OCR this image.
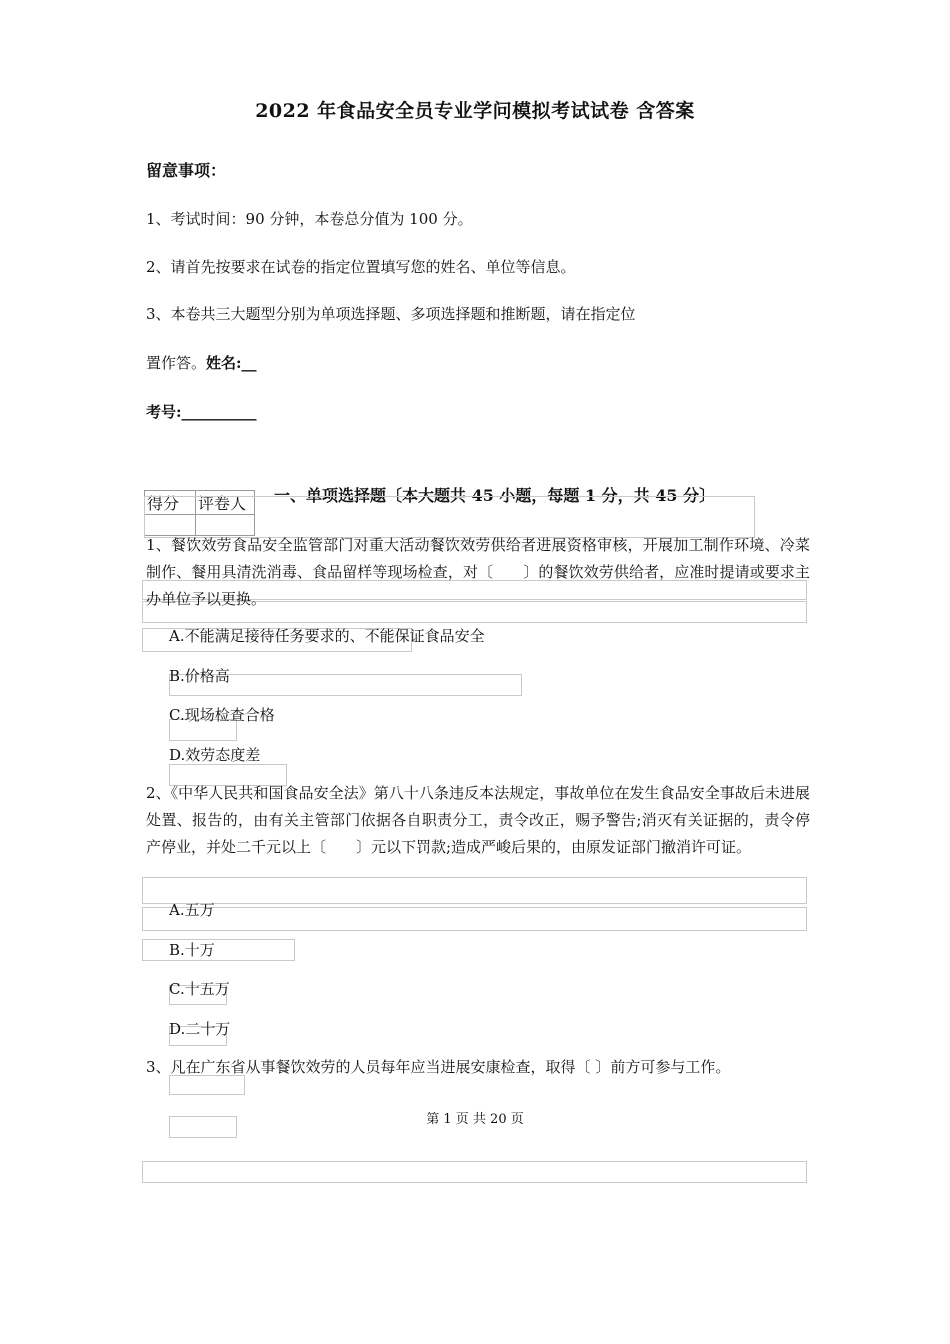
2022 年食品安全员专业学问模拟考试试卷 含答案
留意事项：
1、考试时间：90 分钟，本卷总分值为 100 分。
2、请首先按要求在试卷的指定位置填写您的姓名、单位等信息。
3、本卷共三大题型分别为单项选择题、多项选择题和推断题，请在指定位
置作答。姓名:__
考号:__________
得分	评卷人
	一、单项选择题〔本大题共 45 小题，每题 1 分，共 45 分〕
1、餐饮效劳食品安全监管部门对重大活动餐饮效劳供给者进展资格审核，开展加工制作环境、冷菜制作、餐用具清洗消毒、食品留样等现场检查，对〔　　〕的餐饮效劳供给者，应准时提请或要求主办单位予以更换。
A.不能满足接待任务要求的、不能保证食品安全
B.价格高
C.现场检查合格
D.效劳态度差
2、《中华人民共和国食品安全法》第八十八条违反本法规定，事故单位在发生食品安全事故后未进展处置、报告的，由有关主管部门依据各自职责分工，责令改正，赐予警告;消灭有关证据的，责令停产停业，并处二千元以上〔　　〕元以下罚款;造成严峻后果的，由原发证部门撤消许可证。
A.五万
B.十万
C.十五万
D.二十万
3、凡在广东省从事餐饮效劳的人员每年应当进展安康检查，取得〔 〕前方可参与工作。
第 1 页 共 20 页
